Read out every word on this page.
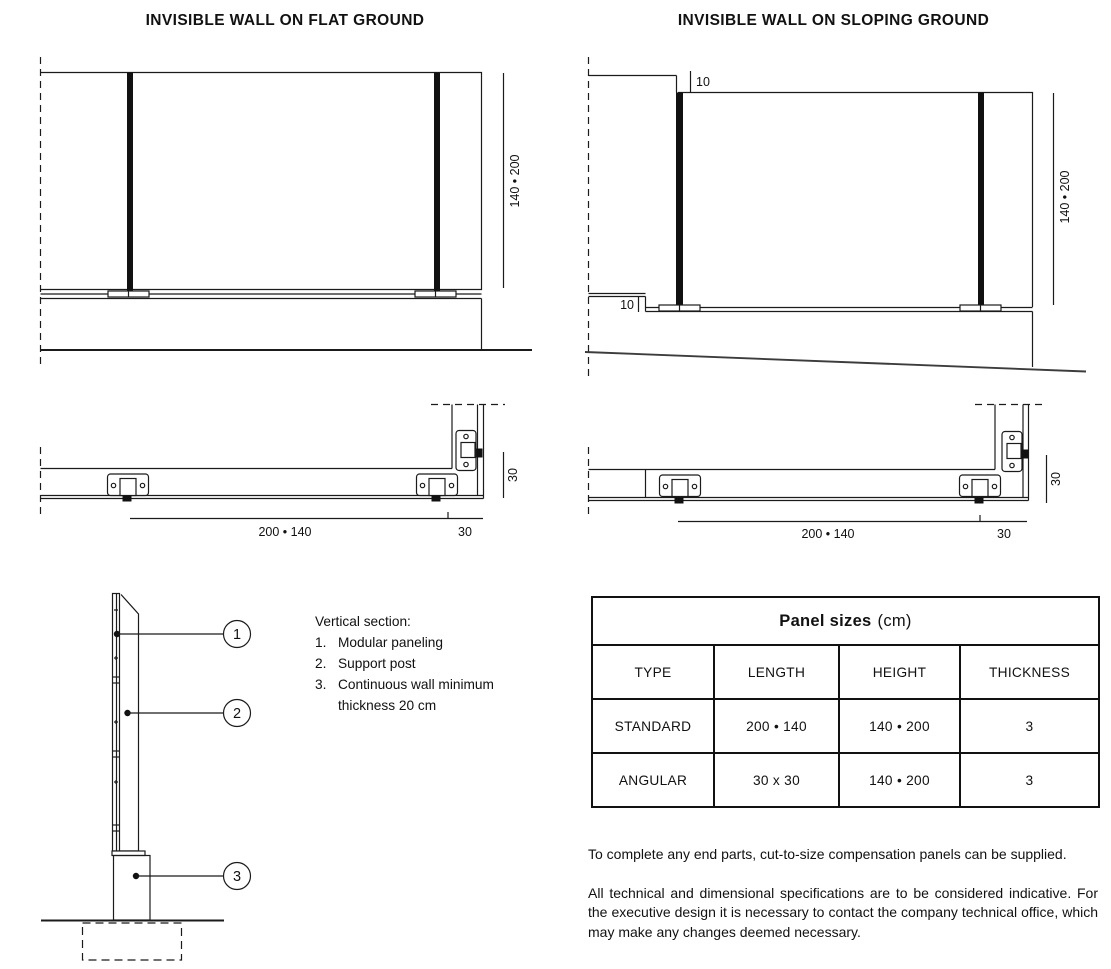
INVISIBLE WALL ON FLAT GROUND	INVISIBLE WALL ON SLOPING GROUND
140 • 200
10
10
140 • 200
200 • 140	30
30
200 • 140	30
30
1
2
3
Vertical section:
1. Modular paneling
2. Support post
3. Continuous wall minimum thickness 20 cm
Panel sizes (cm)
TYPE	LENGTH	HEIGHT	THICKNESS
STANDARD	200 • 140	140 • 200	3
ANGULAR	30 x 30	140 • 200	3

To complete any end parts, cut-to-size compensation panels can be supplied.

All technical and dimensional specifications are to be considered indicative. For the executive design it is necessary to contact the company technical office, which may make any changes deemed necessary.
